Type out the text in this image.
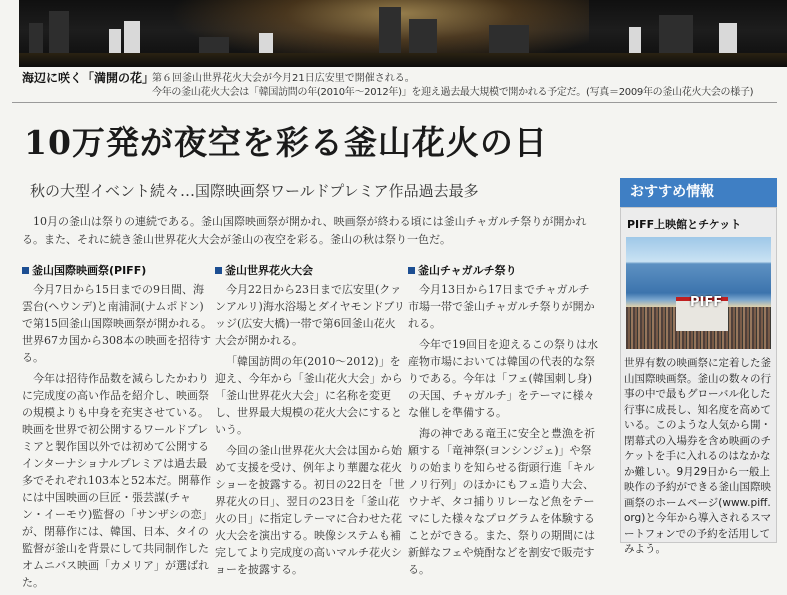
海辺に咲く「満開の花」
第６回釜山世界花火大会が今月21日広安里で開催される。
今年の釜山花火大会は「韓国訪問の年(2010年〜2012年)」を迎え過去最大規模で開かれる予定だ。(写真＝2009年の釜山花火大会の様子)
10万発が夜空を彩る釜山花火の日
秋の大型イベント続々…国際映画祭ワールドプレミア作品過去最多

10月の釜山は祭りの連続である。釜山国際映画祭が開かれ、映画祭が終わる頃には釜山チャガルチ祭りが開かれる。また、それに続き釜山世界花火大会が釜山の夜空を彩る。釜山の秋は祭り一色だ。

釜山国際映画祭(PIFF)

今月7日から15日までの9日間、海雲台(ヘウンデ)と南浦洞(ナムポドン)で第15回釜山国際映画祭が開かれる。世界67カ国から308本の映画を招待する。

今年は招待作品数を減らしたかわりに完成度の高い作品を紹介し、映画祭の規模よりも中身を充実させている。映画を世界で初公開するワールドプレミアと製作国以外では初めて公開するインターナショナルプレミアは過去最多でそれぞれ103本と52本だ。開幕作には中国映画の巨匠・張芸謀(チャン・イーモウ)監督の「サンザシの恋」が、閉幕作には、韓国、日本、タイの監督が釜山を背景にして共同制作したオムニバス映画「カメリア」が選ばれた。

釜山世界花火大会

今月22日から23日まで広安里(クァンアルリ)海水浴場とダイヤモンドブリッジ(広安大橋)一帯で第6回釜山花火大会が開かれる。

「韓国訪問の年(2010〜2012)」を迎え、今年から「釜山花火大会」から「釜山世界花火大会」に名称を変更し、世界最大規模の花火大会にするという。

今回の釜山世界花火大会は国から始めて支援を受け、例年より華麗な花火ショーを披露する。初日の22日を「世界花火の日」、翌日の23日を「釜山花火の日」に指定しテーマに合わせた花火大会を演出する。映像システムも補完してより完成度の高いマルチ花火ショーを披露する。

釜山チャガルチ祭り

今月13日から17日までチャガルチ市場一帯で釜山チャガルチ祭りが開かれる。

今年で19回目を迎えるこの祭りは水産物市場においては韓国の代表的な祭りである。今年は「フェ(韓国刺し身)の天国、チャガルチ」をテーマに様々な催しを準備する。

海の神である竜王に安全と豊漁を祈願する「竜神祭(ヨンシンジェ)」や祭りの始まりを知らせる街頭行進「キルノリ行列」のほかにもフェ造り大会、ウナギ、タコ捕りリレーなど魚をテーマにした様々なプログラムを体験することができる。また、祭りの期間には新鮮なフェや焼酎などを割安で販売する。

おすすめ情報
PIFF上映館とチケット
PIFF
世界有数の映画祭に定着した釜山国際映画祭。釜山の数々の行事の中で最もグローバル化した行事に成長し、知名度を高めている。このような人気から開・閉幕式の入場券を含め映画のチケットを手に入れるのはなかなか難しい。9月29日から一般上映作の予約ができる釜山国際映画祭のホームページ(www.piff.org)と今年から導入されるスマートフォンでの予約を活用してみよう。
